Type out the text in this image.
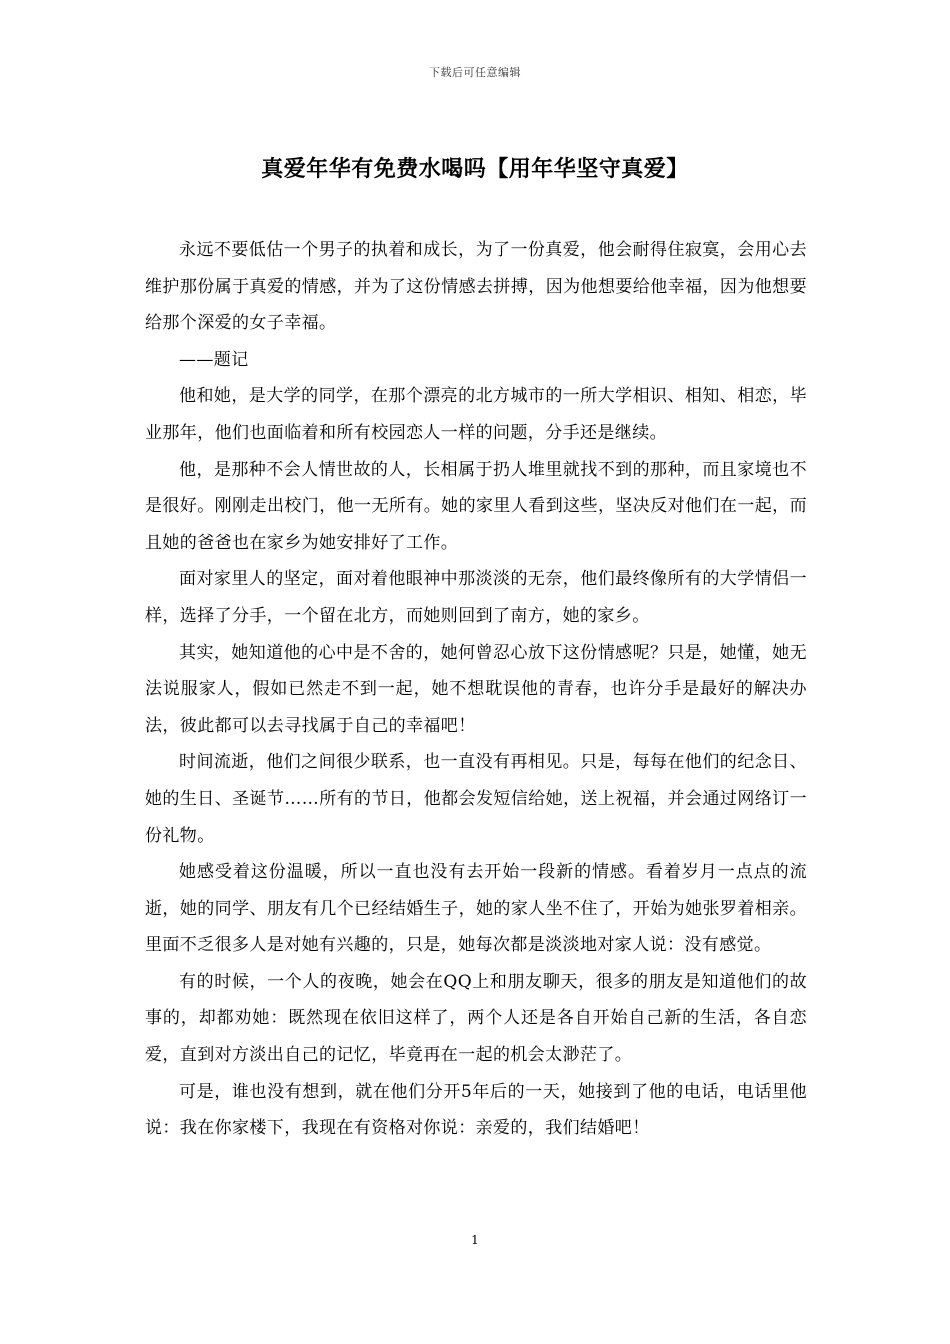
下载后可任意编辑
真爱年华有免费水喝吗【用年华坚守真爱】

永远不要低估一个男子的执着和成长，为了一份真爱，他会耐得住寂寞，会用心去维护那份属于真爱的情感，并为了这份情感去拼搏，因为他想要给他幸福，因为他想要给那个深爱的女子幸福。

——题记

他和她，是大学的同学，在那个漂亮的北方城市的一所大学相识、相知、相恋，毕业那年，他们也面临着和所有校园恋人一样的问题，分手还是继续。

他，是那种不会人情世故的人，长相属于扔人堆里就找不到的那种，而且家境也不是很好。刚刚走出校门，他一无所有。她的家里人看到这些，坚决反对他们在一起，而且她的爸爸也在家乡为她安排好了工作。

面对家里人的坚定，面对着他眼神中那淡淡的无奈，他们最终像所有的大学情侣一样，选择了分手，一个留在北方，而她则回到了南方，她的家乡。

其实，她知道他的心中是不舍的，她何曾忍心放下这份情感呢？只是，她懂，她无法说服家人，假如已然走不到一起，她不想耽误他的青春，也许分手是最好的解决办法，彼此都可以去寻找属于自己的幸福吧！

时间流逝，他们之间很少联系，也一直没有再相见。只是，每每在他们的纪念日、她的生日、圣诞节……所有的节日，他都会发短信给她，送上祝福，并会通过网络订一份礼物。

她感受着这份温暖，所以一直也没有去开始一段新的情感。看着岁月一点点的流逝，她的同学、朋友有几个已经结婚生子，她的家人坐不住了，开始为她张罗着相亲。里面不乏很多人是对她有兴趣的，只是，她每次都是淡淡地对家人说：没有感觉。

有的时候，一个人的夜晚，她会在QQ上和朋友聊天，很多的朋友是知道他们的故事的，却都劝她：既然现在依旧这样了，两个人还是各自开始自己新的生活，各自恋爱，直到对方淡出自己的记忆，毕竟再在一起的机会太渺茫了。

可是，谁也没有想到，就在他们分开5年后的一天，她接到了他的电话，电话里他说：我在你家楼下，我现在有资格对你说：亲爱的，我们结婚吧！

1
